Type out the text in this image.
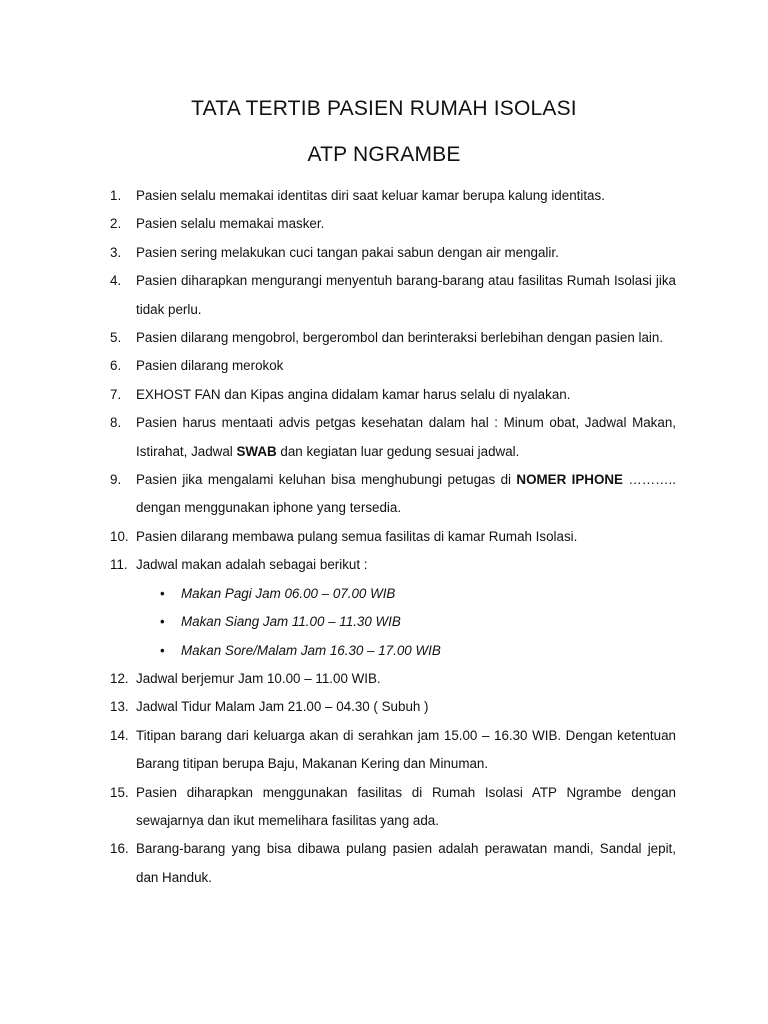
TATA TERTIB PASIEN RUMAH ISOLASI
ATP NGRAMBE
1.	Pasien selalu memakai identitas diri saat keluar kamar berupa kalung identitas.
2.	Pasien selalu memakai masker.
3.	Pasien sering melakukan cuci tangan pakai sabun dengan air mengalir.
4.	Pasien diharapkan mengurangi menyentuh barang-barang atau fasilitas Rumah Isolasi jika tidak perlu.
5.	Pasien dilarang mengobrol, bergerombol dan berinteraksi berlebihan dengan pasien lain.
6.	Pasien dilarang merokok
7.	EXHOST FAN dan Kipas angina didalam kamar harus selalu di nyalakan.
8.	Pasien harus mentaati advis petgas kesehatan dalam hal : Minum obat, Jadwal Makan, Istirahat, Jadwal SWAB dan kegiatan luar gedung sesuai jadwal.
9.	Pasien jika mengalami keluhan bisa menghubungi petugas di NOMER IPHONE ……….. dengan menggunakan iphone yang tersedia.
10. Pasien dilarang membawa pulang semua fasilitas di kamar Rumah Isolasi.
11. Jadwal makan adalah sebagai berikut :
• Makan Pagi Jam 06.00 – 07.00 WIB
• Makan Siang Jam 11.00 – 11.30 WIB
• Makan Sore/Malam Jam 16.30 – 17.00 WIB
12. Jadwal berjemur Jam 10.00 – 11.00 WIB.
13. Jadwal Tidur Malam Jam 21.00 – 04.30 ( Subuh )
14. Titipan barang dari keluarga akan di serahkan jam 15.00 – 16.30 WIB. Dengan ketentuan Barang titipan berupa Baju, Makanan Kering dan Minuman.
15. Pasien diharapkan menggunakan fasilitas di Rumah Isolasi ATP Ngrambe dengan sewajarnya dan ikut memelihara fasilitas yang ada.
16. Barang-barang yang bisa dibawa pulang pasien adalah perawatan mandi, Sandal jepit, dan Handuk.
